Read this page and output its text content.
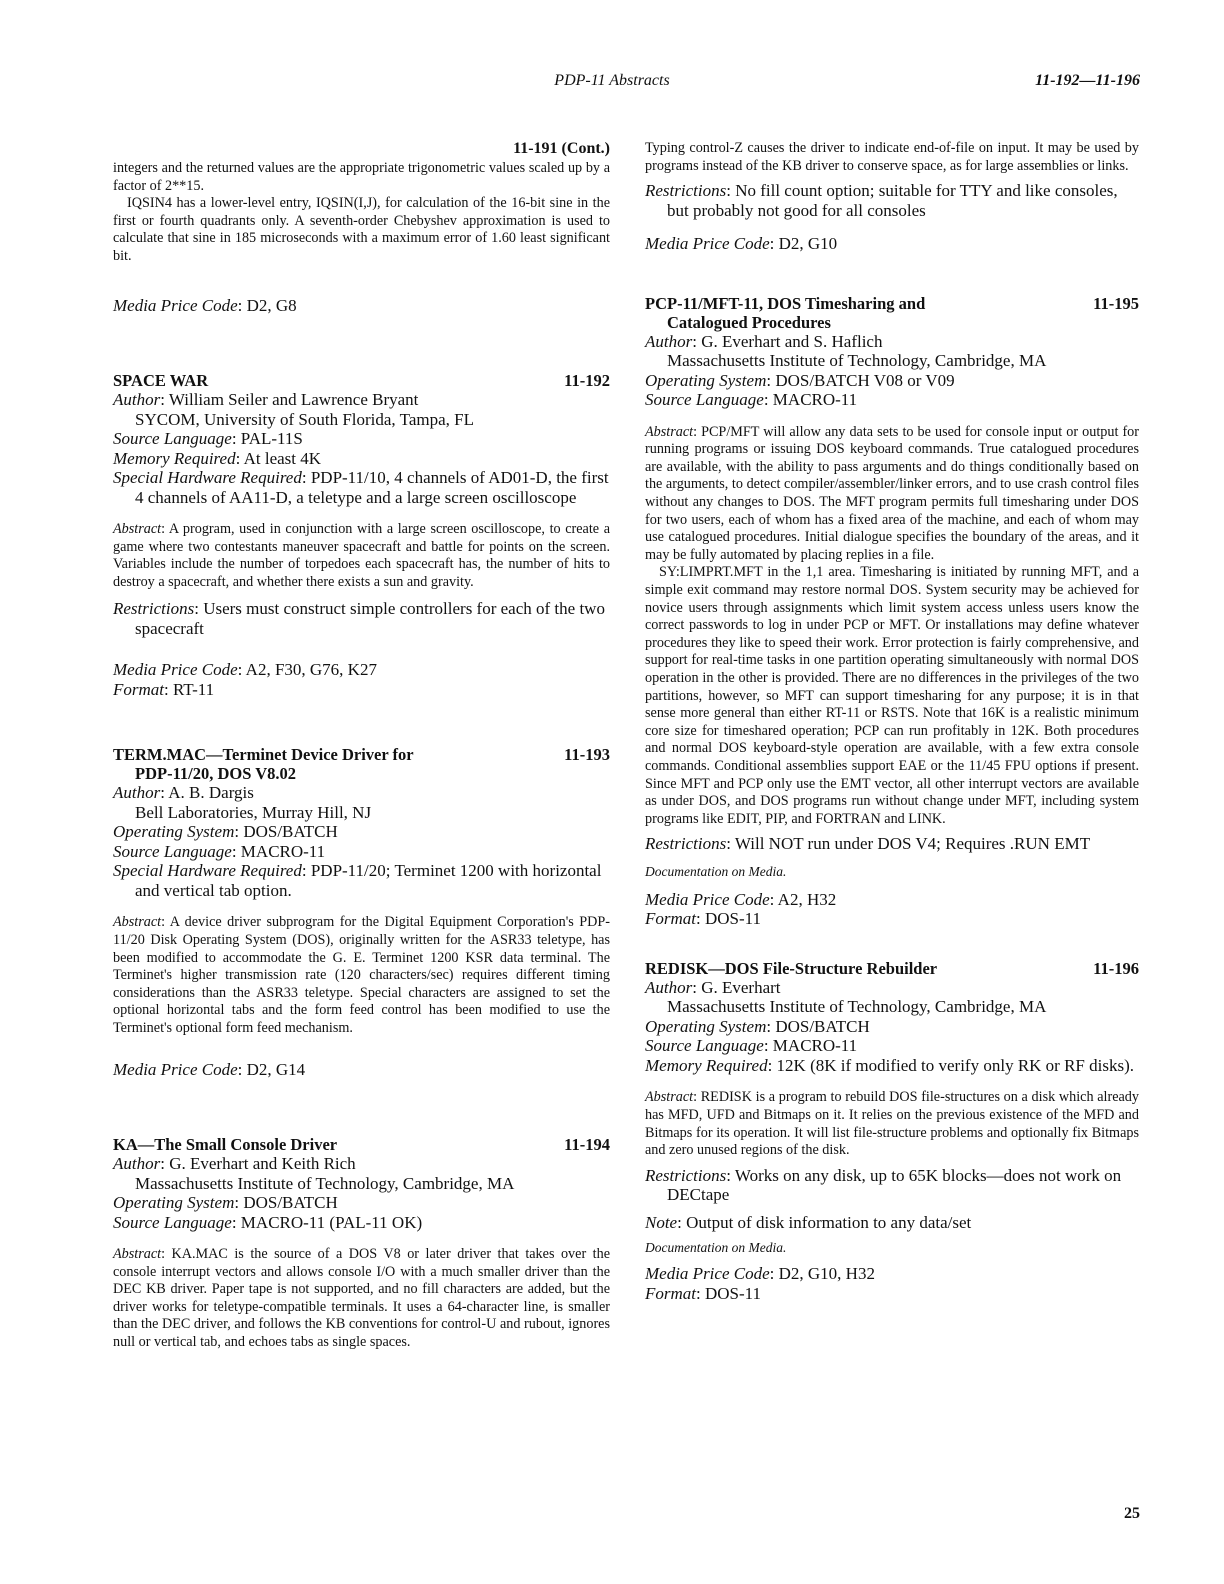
PDP-11 Abstracts	11-192—11-196

11-191 (Cont.)

integers and the returned values are the appropriate trigonometric values scaled up by a factor of 2**15.

IQSIN4 has a lower-level entry, IQSIN(I,J), for calculation of the 16-bit sine in the first or fourth quadrants only. A seventh-order Chebyshev approximation is used to calculate that sine in 185 microseconds with a maximum error of 1.60 least significant bit.

Media Price Code: D2, G8

SPACE WAR	11-192

Author: William Seiler and Lawrence Bryant

SYCOM, University of South Florida, Tampa, FL

Source Language: PAL-11S

Memory Required: At least 4K

Special Hardware Required: PDP-11/10, 4 channels of AD01-D, the first 4 channels of AA11-D, a teletype and a large screen oscilloscope

Abstract: A program, used in conjunction with a large screen oscilloscope, to create a game where two contestants maneuver spacecraft and battle for points on the screen. Variables include the number of torpedoes each spacecraft has, the number of hits to destroy a spacecraft, and whether there exists a sun and gravity.

Restrictions: Users must construct simple controllers for each of the two spacecraft

Media Price Code: A2, F30, G76, K27

Format: RT-11

TERM.MAC—Terminet Device Driver for	11-193
PDP-11/20, DOS V8.02

Author: A. B. Dargis

Bell Laboratories, Murray Hill, NJ

Operating System: DOS/BATCH

Source Language: MACRO-11

Special Hardware Required: PDP-11/20; Terminet 1200 with horizontal and vertical tab option.

Abstract: A device driver subprogram for the Digital Equipment Corporation's PDP-11/20 Disk Operating System (DOS), originally written for the ASR33 teletype, has been modified to accommodate the G. E. Terminet 1200 KSR data terminal. The Terminet's higher transmission rate (120 characters/sec) requires different timing considerations than the ASR33 teletype. Special characters are assigned to set the optional horizontal tabs and the form feed control has been modified to use the Terminet's optional form feed mechanism.

Media Price Code: D2, G14

KA—The Small Console Driver	11-194

Author: G. Everhart and Keith Rich

Massachusetts Institute of Technology, Cambridge, MA

Operating System: DOS/BATCH

Source Language: MACRO-11 (PAL-11 OK)

Abstract: KA.MAC is the source of a DOS V8 or later driver that takes over the console interrupt vectors and allows console I/O with a much smaller driver than the DEC KB driver. Paper tape is not supported, and no fill characters are added, but the driver works for teletype-compatible terminals. It uses a 64-character line, is smaller than the DEC driver, and follows the KB conventions for control-U and rubout, ignores null or vertical tab, and echoes tabs as single spaces.

Typing control-Z causes the driver to indicate end-of-file on input. It may be used by programs instead of the KB driver to conserve space, as for large assemblies or links.

Restrictions: No fill count option; suitable for TTY and like consoles, but probably not good for all consoles

Media Price Code: D2, G10

PCP-11/MFT-11, DOS Timesharing and	11-195
Catalogued Procedures

Author: G. Everhart and S. Haflich

Massachusetts Institute of Technology, Cambridge, MA

Operating System: DOS/BATCH V08 or V09

Source Language: MACRO-11

Abstract: PCP/MFT will allow any data sets to be used for console input or output for running programs or issuing DOS keyboard commands. True catalogued procedures are available, with the ability to pass arguments and do things conditionally based on the arguments, to detect compiler/assembler/linker errors, and to use crash control files without any changes to DOS. The MFT program permits full timesharing under DOS for two users, each of whom has a fixed area of the machine, and each of whom may use catalogued procedures. Initial dialogue specifies the boundary of the areas, and it may be fully automated by placing replies in a file.

SY:LIMPRT.MFT in the 1,1 area. Timesharing is initiated by running MFT, and a simple exit command may restore normal DOS. System security may be achieved for novice users through assignments which limit system access unless users know the correct passwords to log in under PCP or MFT. Or installations may define whatever procedures they like to speed their work. Error protection is fairly comprehensive, and support for real-time tasks in one partition operating simultaneously with normal DOS operation in the other is provided. There are no differences in the privileges of the two partitions, however, so MFT can support timesharing for any purpose; it is in that sense more general than either RT-11 or RSTS. Note that 16K is a realistic minimum core size for timeshared operation; PCP can run profitably in 12K. Both procedures and normal DOS keyboard-style operation are available, with a few extra console commands. Conditional assemblies support EAE or the 11/45 FPU options if present. Since MFT and PCP only use the EMT vector, all other interrupt vectors are available as under DOS, and DOS programs run without change under MFT, including system programs like EDIT, PIP, and FORTRAN and LINK.

Restrictions: Will NOT run under DOS V4; Requires .RUN EMT

Documentation on Media.

Media Price Code: A2, H32

Format: DOS-11

REDISK—DOS File-Structure Rebuilder	11-196

Author: G. Everhart

Massachusetts Institute of Technology, Cambridge, MA

Operating System: DOS/BATCH

Source Language: MACRO-11

Memory Required: 12K (8K if modified to verify only RK or RF disks).

Abstract: REDISK is a program to rebuild DOS file-structures on a disk which already has MFD, UFD and Bitmaps on it. It relies on the previous existence of the MFD and Bitmaps for its operation. It will list file-structure problems and optionally fix Bitmaps and zero unused regions of the disk.

Restrictions: Works on any disk, up to 65K blocks—does not work on DECtape

Note: Output of disk information to any data/set

Documentation on Media.

Media Price Code: D2, G10, H32

Format: DOS-11

25
